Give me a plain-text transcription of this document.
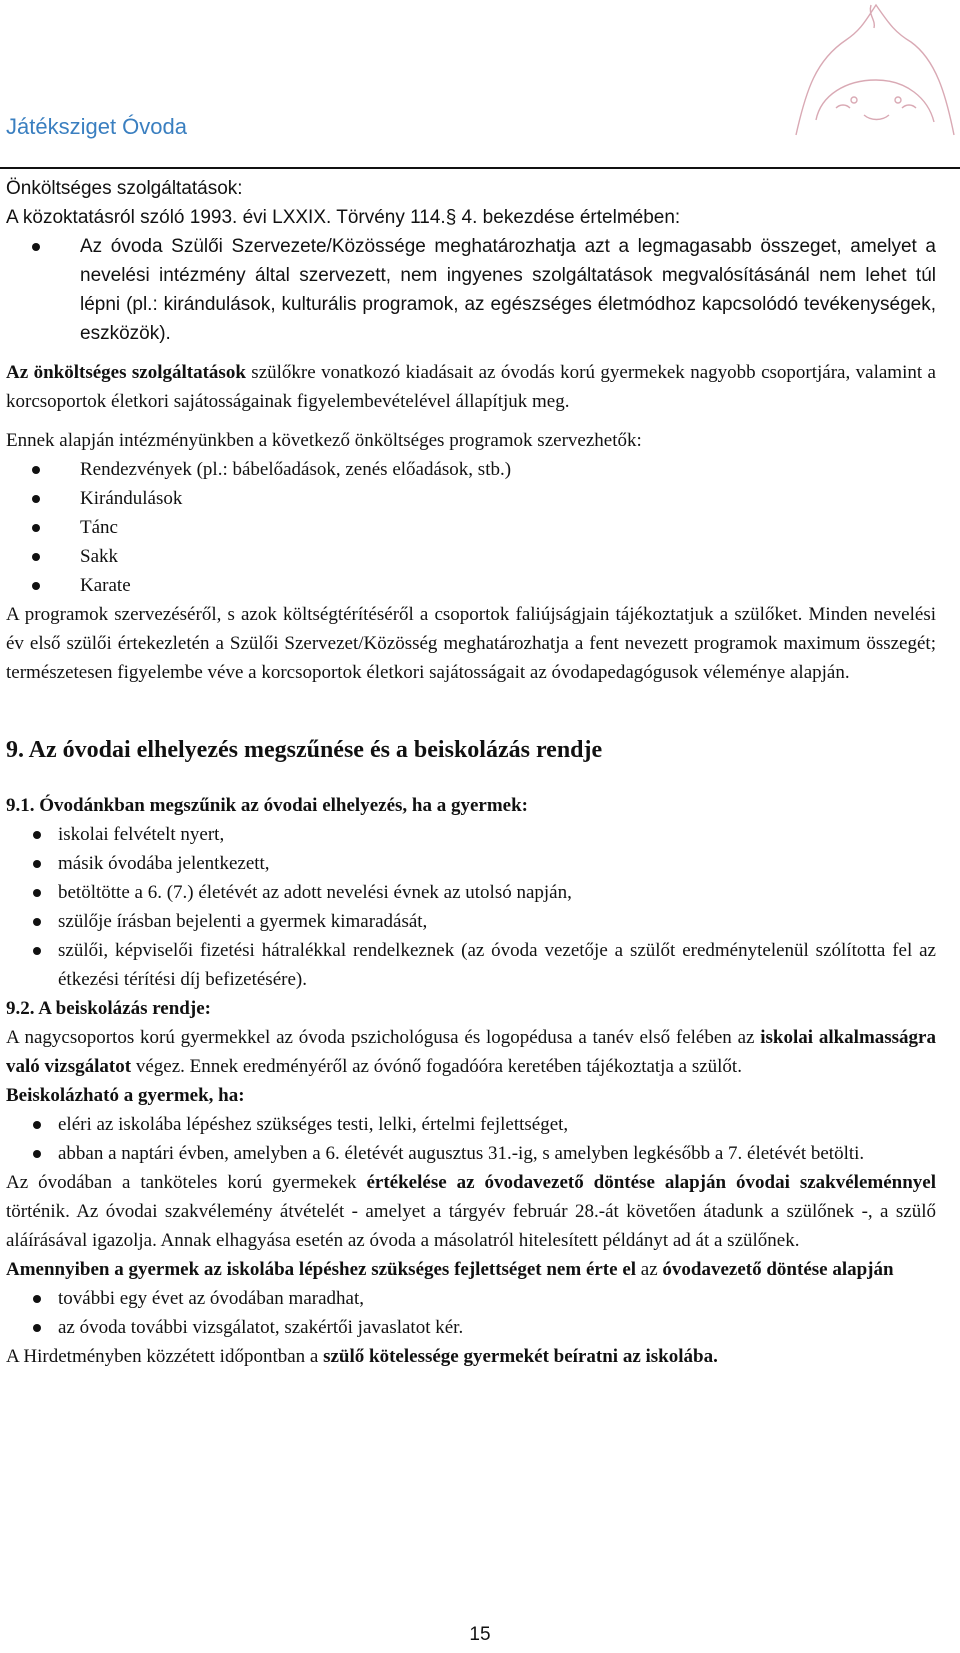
Játéksziget Óvoda

Önköltséges szolgáltatások:

A közoktatásról szóló 1993. évi LXXIX. Törvény 114.§ 4. bekezdése értelmében:

Az óvoda Szülői Szervezete/Közössége meghatározhatja azt a legmagasabb összeget, amelyet a nevelési intézmény által szervezett, nem ingyenes szolgáltatások megvalósításánál nem lehet túl lépni (pl.: kirándulások, kulturális programok, az egészséges életmódhoz kapcsolódó tevékenységek, eszközök).

Az önköltséges szolgáltatások szülőkre vonatkozó kiadásait az óvodás korú gyermekek nagyobb csoportjára, valamint a korcsoportok életkori sajátosságainak figyelembevételével állapítjuk meg.

Ennek alapján intézményünkben a következő önköltséges programok szervezhetők:

Rendezvények (pl.: bábelőadások, zenés előadások, stb.)
Kirándulások
Tánc
Sakk
Karate

A programok szervezéséről, s azok költségtérítéséről a csoportok faliújságjain tájékoztatjuk a szülőket. Minden nevelési év első szülői értekezletén a Szülői Szervezet/Közösség meghatározhatja a fent nevezett programok maximum összegét; természetesen figyelembe véve a korcsoportok életkori sajátosságait az óvodapedagógusok véleménye alapján.

9. Az óvodai elhelyezés megszűnése és a beiskolázás rendje

9.1. Óvodánkban megszűnik az óvodai elhelyezés, ha a gyermek:

iskolai felvételt nyert,
másik óvodába jelentkezett,
betöltötte a 6. (7.) életévét az adott nevelési évnek az utolsó napján,
szülője írásban bejelenti a gyermek kimaradását,
szülői, képviselői fizetési hátralékkal rendelkeznek (az óvoda vezetője a szülőt eredménytelenül szólította fel az étkezési térítési díj befizetésére).

9.2. A beiskolázás rendje:

A nagycsoportos korú gyermekkel az óvoda pszichológusa és logopédusa a tanév első felében az iskolai alkalmasságra való vizsgálatot végez. Ennek eredményéről az óvónő fogadóóra keretében tájékoztatja a szülőt.

Beiskolázható a gyermek, ha:

eléri az iskolába lépéshez szükséges testi, lelki, értelmi fejlettséget,
abban a naptári évben, amelyben a 6. életévét augusztus 31.-ig, s amelyben legkésőbb a 7. életévét betölti.

Az óvodában a tanköteles korú gyermekek értékelése az óvodavezető döntése alapján óvodai szakvéleménnyel történik. Az óvodai szakvélemény átvételét - amelyet a tárgyév február 28.-át követően átadunk a szülőnek -, a szülő aláírásával igazolja. Annak elhagyása esetén az óvoda a másolatról hitelesített példányt ad át a szülőnek.

Amennyiben a gyermek az iskolába lépéshez szükséges fejlettséget nem érte el az óvodavezető döntése alapján

további egy évet az óvodában maradhat,
az óvoda további vizsgálatot, szakértői javaslatot kér.

A Hirdetményben közzétett időpontban a szülő kötelessége gyermekét beíratni az iskolába.

15
